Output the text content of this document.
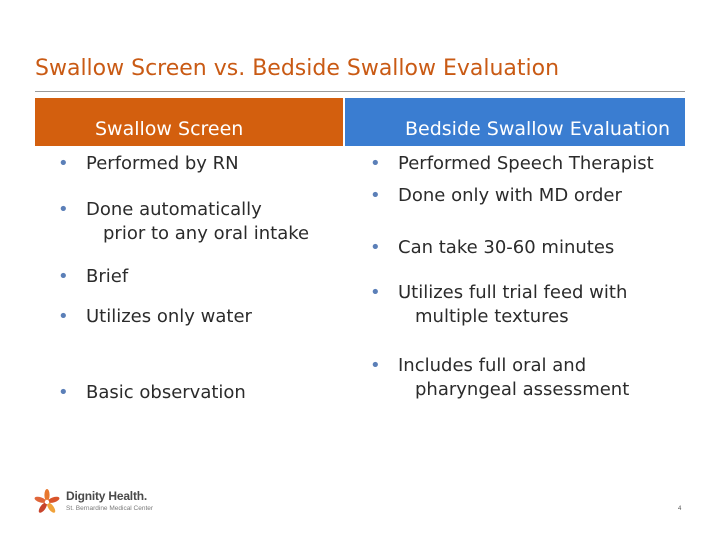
Swallow Screen vs. Bedside Swallow Evaluation
Swallow Screen	Bedside Swallow Evaluation
• Performed by RN
• Done automatically
prior to any oral intake
• Brief
• Utilizes only water
• Basic observation
• Performed Speech Therapist
• Done only with MD order
• Can take 30-60 minutes
• Utilizes full trial feed with
multiple textures
• Includes full oral and
pharyngeal assessment
Dignity Health.
St. Bernardine Medical Center	4
